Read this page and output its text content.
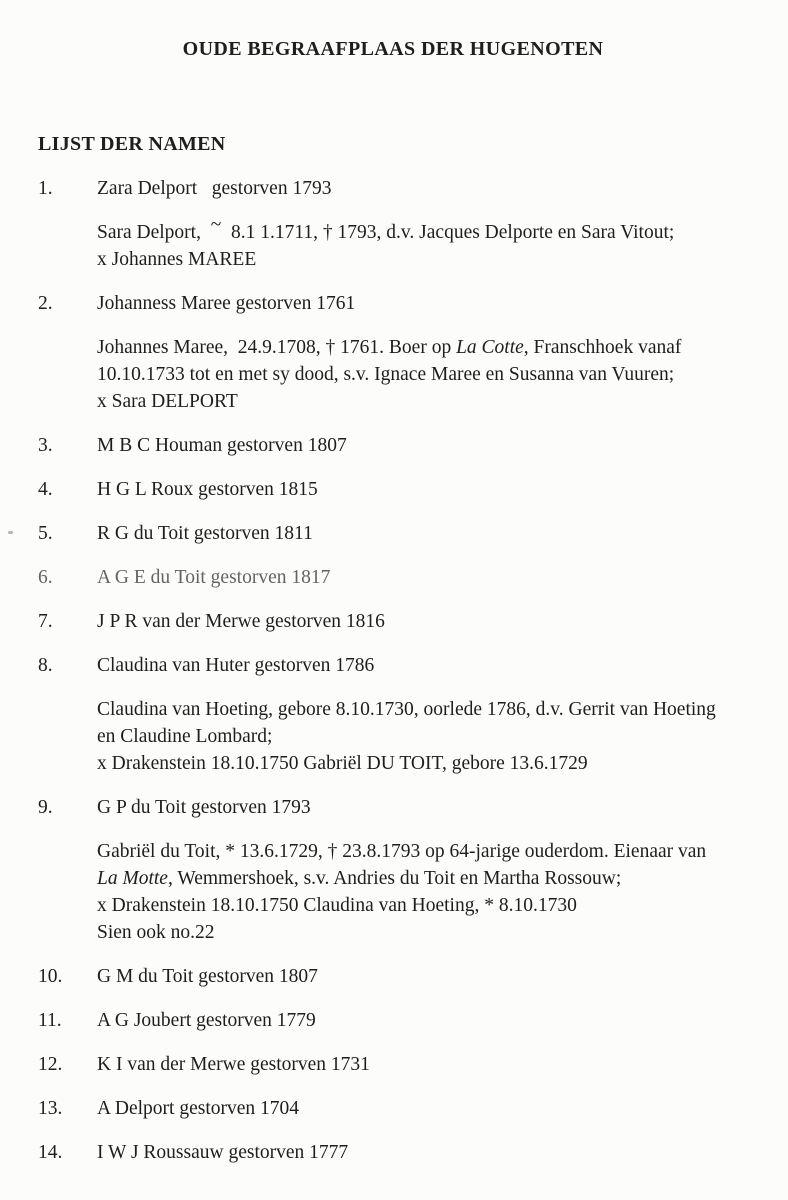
OUDE BEGRAAFPLAAS DER HUGENOTEN
LIJST DER NAMEN
1.	Zara Delport   gestorven 1793
Sara Delport,  ~  8.1 1.1711, † 1793, d.v. Jacques Delporte en Sara Vitout;
x Johannes MAREE
2.	Johanness Maree gestorven 1761
Johannes Maree,  24.9.1708, † 1761. Boer op La Cotte, Franschhoek vanaf
10.10.1733 tot en met sy dood, s.v. Ignace Maree en Susanna van Vuuren;
x Sara DELPORT
3.	M B C Houman gestorven 1807
4.	H G L Roux gestorven 1815
5.	R G du Toit gestorven 1811
6.	A G E du Toit gestorven 1817
7.	J P R van der Merwe gestorven 1816
8.	Claudina van Huter gestorven 1786
Claudina van Hoeting, gebore 8.10.1730, oorlede 1786, d.v. Gerrit van Hoeting
en Claudine Lombard;
x Drakenstein 18.10.1750 Gabriël DU TOIT, gebore 13.6.1729
9.	G P du Toit gestorven 1793
Gabriël du Toit, * 13.6.1729, † 23.8.1793 op 64-jarige ouderdom. Eienaar van
La Motte, Wemmershoek, s.v. Andries du Toit en Martha Rossouw;
x Drakenstein 18.10.1750 Claudina van Hoeting, * 8.10.1730
Sien ook no.22
10.	G M du Toit gestorven 1807
11.	A G Joubert gestorven 1779
12.	K I van der Merwe gestorven 1731
13.	A Delport gestorven 1704
14.	I W J Roussauw gestorven 1777
